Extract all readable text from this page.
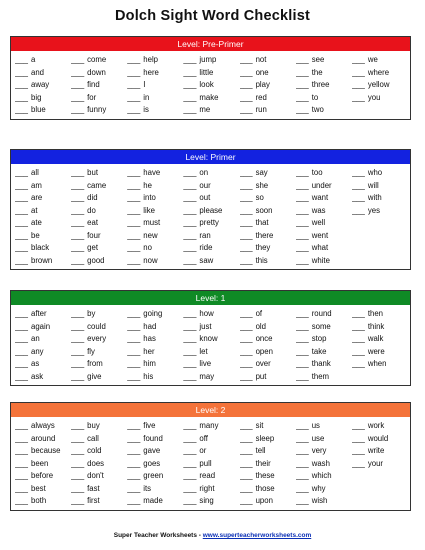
Dolch Sight Word Checklist
Level: Pre-Primer
___ a
___ and
___ away
___ big
___ blue
___ come
___ down
___ find
___ for
___ funny
___ help
___ here
___ I
___ in
___ is
___ jump
___ little
___ look
___ make
___ me
___ not
___ one
___ play
___ red
___ run
___ see
___ the
___ three
___ to
___ two
___ we
___ where
___ yellow
___ you
Level: Primer
___ all
___ am
___ are
___ at
___ ate
___ be
___ black
___ brown
___ but
___ came
___ did
___ do
___ eat
___ four
___ get
___ good
___ have
___ he
___ into
___ like
___ must
___ new
___ no
___ now
___ on
___ our
___ out
___ please
___ pretty
___ ran
___ ride
___ saw
___ say
___ she
___ so
___ soon
___ that
___ there
___ they
___ this
___ too
___ under
___ want
___ was
___ well
___ went
___ what
___ white
___ who
___ will
___ with
___ yes
Level: 1
___ after
___ again
___ an
___ any
___ as
___ ask
___ by
___ could
___ every
___ fly
___ from
___ give
___ going
___ had
___ has
___ her
___ him
___ his
___ how
___ just
___ know
___ let
___ live
___ may
___ of
___ old
___ once
___ open
___ over
___ put
___ round
___ some
___ stop
___ take
___ thank
___ them
___ then
___ think
___ walk
___ were
___ when
Level: 2
___ always
___ around
___ because
___ been
___ before
___ best
___ both
___ buy
___ call
___ cold
___ does
___ don't
___ fast
___ first
___ five
___ found
___ gave
___ goes
___ green
___ its
___ made
___ many
___ off
___ or
___ pull
___ read
___ right
___ sing
___ sit
___ sleep
___ tell
___ their
___ these
___ those
___ upon
___ us
___ use
___ very
___ wash
___ which
___ why
___ wish
___ work
___ would
___ write
___ your
Super Teacher Worksheets - www.superteacherworksheets.com
